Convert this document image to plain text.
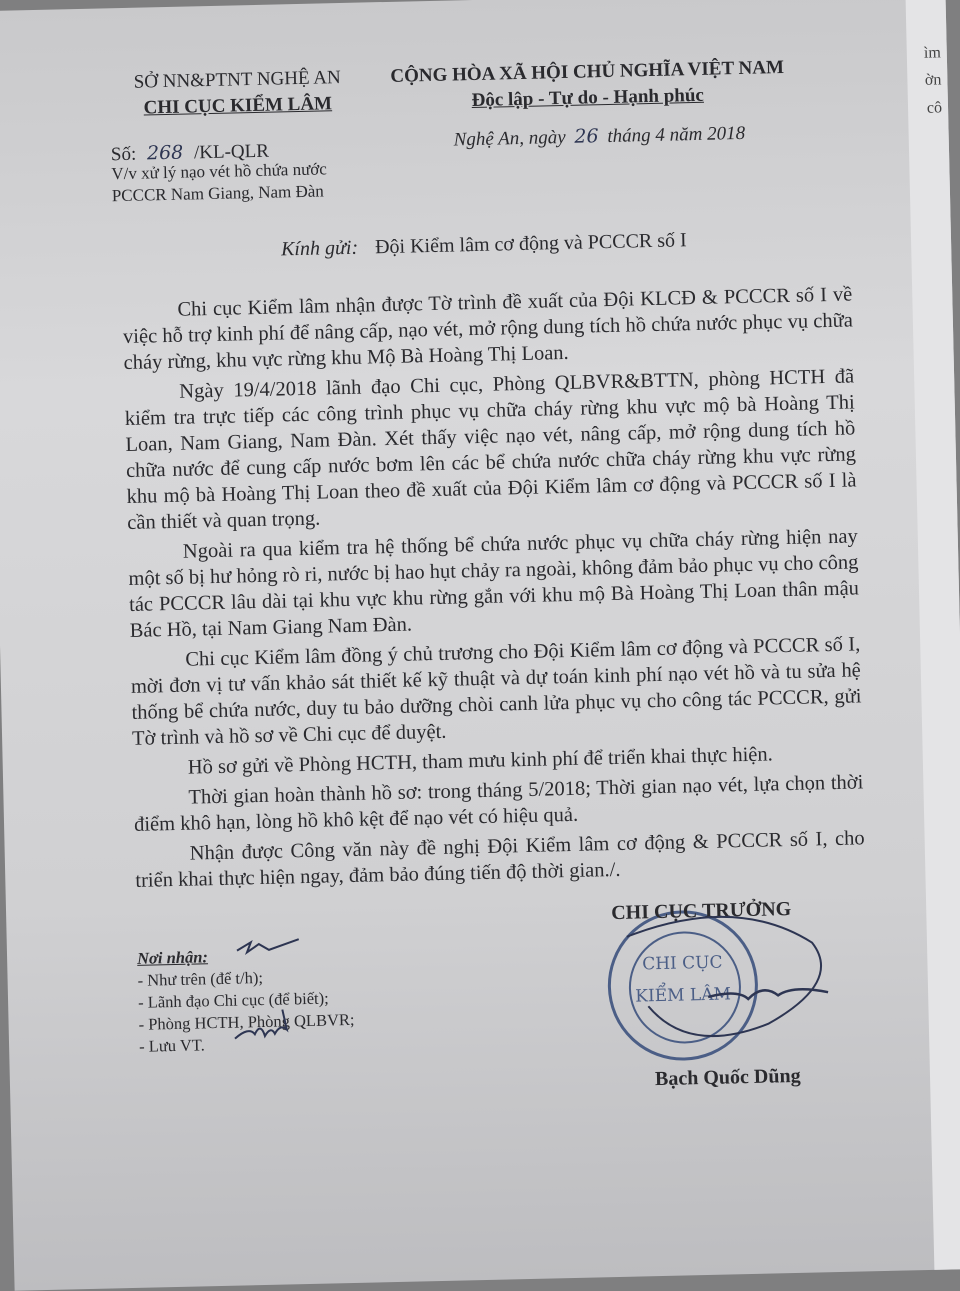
ìm
ờn
cô
SỞ NN&PTNT NGHỆ AN
CHI CỤC KIỂM LÂM
CỘNG HÒA XÃ HỘI CHỦ NGHĨA VIỆT NAM
Độc lập - Tự do - Hạnh phúc
Số: 268 /KL-QLR
V/v xử lý nạo vét hồ chứa nước
PCCCR Nam Giang, Nam Đàn
Nghệ An, ngày 26 tháng 4 năm 2018
Kính gửi: Đội Kiểm lâm cơ động và PCCCR số I

Chi cục Kiểm lâm nhận được Tờ trình đề xuất của Đội KLCĐ & PCCCR số I về việc hỗ trợ kinh phí để nâng cấp, nạo vét, mở rộng dung tích hồ chứa nước phục vụ chữa cháy rừng, khu vực rừng khu Mộ Bà Hoàng Thị Loan.

Ngày 19/4/2018 lãnh đạo Chi cục, Phòng QLBVR&BTTN, phòng HCTH đã kiểm tra trực tiếp các công trình phục vụ chữa cháy rừng khu vực mộ bà Hoàng Thị Loan, Nam Giang, Nam Đàn. Xét thấy việc nạo vét, nâng cấp, mở rộng dung tích hồ chữa nước để cung cấp nước bơm lên các bể chứa nước chữa cháy rừng khu vực rừng khu mộ bà Hoàng Thị Loan theo đề xuất của Đội Kiểm lâm cơ động và PCCCR số I là cần thiết và quan trọng.

Ngoài ra qua kiểm tra hệ thống bể chứa nước phục vụ chữa cháy rừng hiện nay một số bị hư hỏng rò ri, nước bị hao hụt chảy ra ngoài, không đảm bảo phục vụ cho công tác PCCCR lâu dài tại khu vực khu rừng gắn với khu mộ Bà Hoàng Thị Loan thân mậu Bác Hồ, tại Nam Giang Nam Đàn.

Chi cục Kiểm lâm đồng ý chủ trương cho Đội Kiểm lâm cơ động và PCCCR số I, mời đơn vị tư vấn khảo sát thiết kế kỹ thuật và dự toán kinh phí nạo vét hồ và tu sửa hệ thống bể chứa nước, duy tu bảo dưỡng chòi canh lửa phục vụ cho công tác PCCCR, gửi Tờ trình và hồ sơ về Chi cục để duyệt.

Hồ sơ gửi về Phòng HCTH, tham mưu kinh phí để triển khai thực hiện.

Thời gian hoàn thành hồ sơ: trong tháng 5/2018; Thời gian nạo vét, lựa chọn thời điểm khô hạn, lòng hồ khô kệt để nạo vét có hiệu quả.

Nhận được Công văn này đề nghị Đội Kiểm lâm cơ động & PCCCR số I, cho triển khai thực hiện ngay, đảm bảo đúng tiến độ thời gian./.

Nơi nhận:
- Như trên (để t/h);
- Lãnh đạo Chi cục (để biết);
- Phòng HCTH, Phòng QLBVR;
- Lưu VT.
CHI CỤC
KIỂM LÂM
CHI CỤC TRƯỞNG
Bạch Quốc Dũng
